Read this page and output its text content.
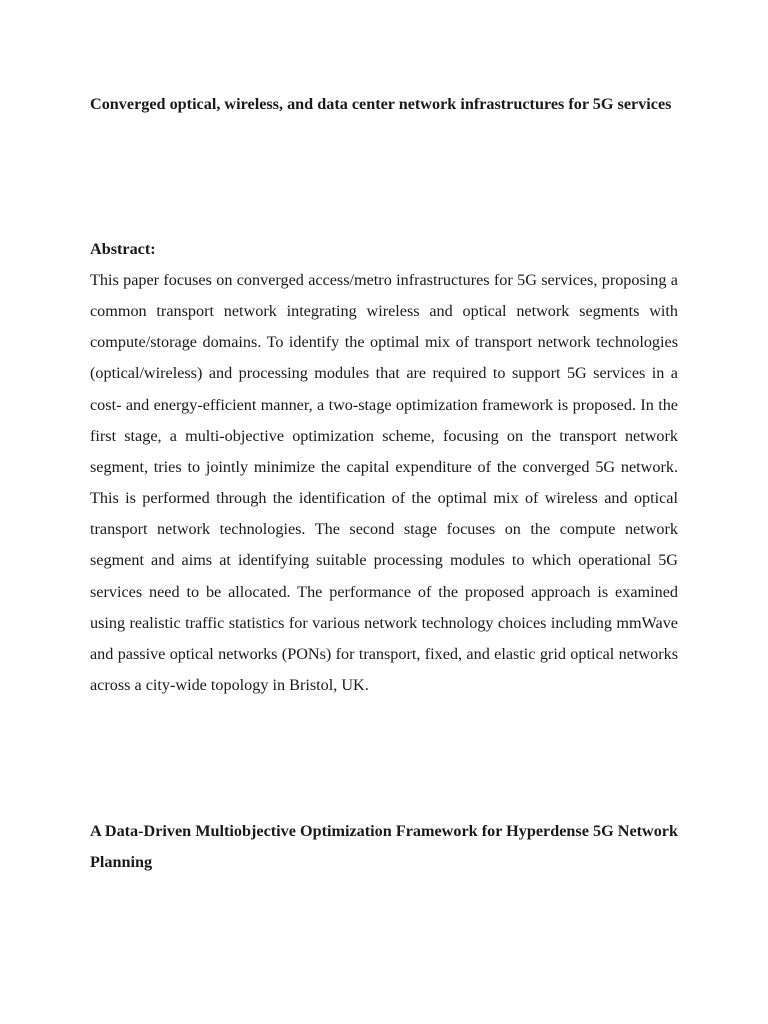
Converged optical, wireless, and data center network infrastructures for 5G services
Abstract:

This paper focuses on converged access/metro infrastructures for 5G services, proposing a common transport network integrating wireless and optical network segments with compute/storage domains. To identify the optimal mix of transport network technologies (optical/wireless) and processing modules that are required to support 5G services in a cost- and energy-efficient manner, a two-stage optimization framework is proposed. In the first stage, a multi-objective optimization scheme, focusing on the transport network segment, tries to jointly minimize the capital expenditure of the converged 5G network. This is performed through the identification of the optimal mix of wireless and optical transport network technologies. The second stage focuses on the compute network segment and aims at identifying suitable processing modules to which operational 5G services need to be allocated. The performance of the proposed approach is examined using realistic traffic statistics for various network technology choices including mmWave and passive optical networks (PONs) for transport, fixed, and elastic grid optical networks across a city-wide topology in Bristol, UK.

A Data-Driven Multiobjective Optimization Framework for Hyperdense 5G Network Planning
